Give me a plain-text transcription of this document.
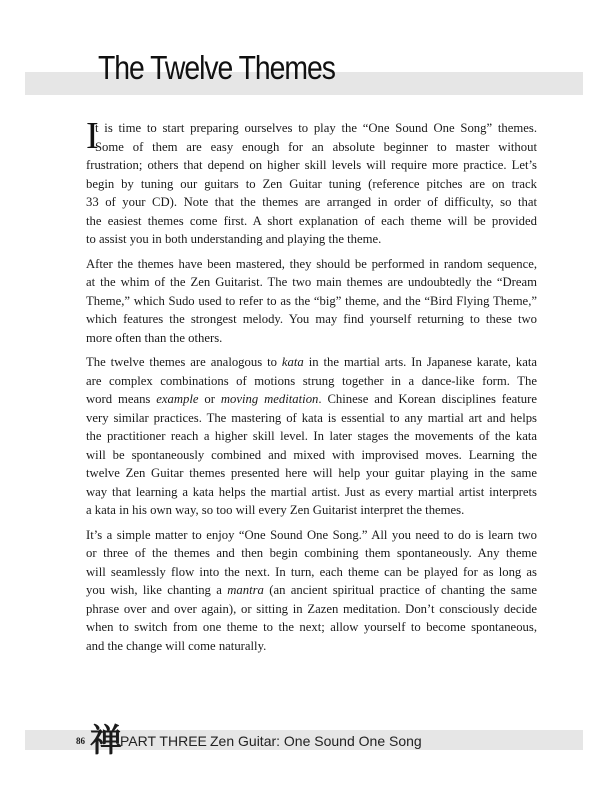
The Twelve Themes
I
t is time to start preparing ourselves to play the “One Sound One Song” themes.
Some of them are easy enough for an absolute beginner to master without
frustration; others that depend on higher skill levels will require more practice. Let’s
begin by tuning our guitars to Zen Guitar tuning (reference pitches are on track
33 of your CD). Note that the themes are arranged in order of difficulty, so that
the easiest themes come first. A short explanation of each theme will be provided
to assist you in both understanding and playing the theme.
After the themes have been mastered, they should be performed in random sequence,
at the whim of the Zen Guitarist. The two main themes are undoubtedly the “Dream
Theme,” which Sudo used to refer to as the “big” theme, and the “Bird Flying Theme,”
which features the strongest melody. You may find yourself returning to these two
more often than the others.
The twelve themes are analogous to kata in the martial arts. In Japanese karate, kata
are complex combinations of motions strung together in a dance-like form. The
word means example or moving meditation. Chinese and Korean disciplines feature
very similar practices. The mastering of kata is essential to any martial art and helps
the practitioner reach a higher skill level. In later stages the movements of the kata
will be spontaneously combined and mixed with improvised moves. Learning the
twelve Zen Guitar themes presented here will help your guitar playing in the same
way that learning a kata helps the martial artist. Just as every martial artist interprets
a kata in his own way, so too will every Zen Guitarist interpret the themes.
It’s a simple matter to enjoy “One Sound One Song.” All you need to do is learn two
or three of the themes and then begin combining them spontaneously. Any theme
will seamlessly flow into the next. In turn, each theme can be played for as long as
you wish, like chanting a mantra (an ancient spiritual practice of chanting the same
phrase over and over again), or sitting in Zazen meditation. Don’t consciously decide
when to switch from one theme to the next; allow yourself to become spontaneous,
and the change will come naturally.
86 禅
PART THREE Zen Guitar: One Sound One Song
